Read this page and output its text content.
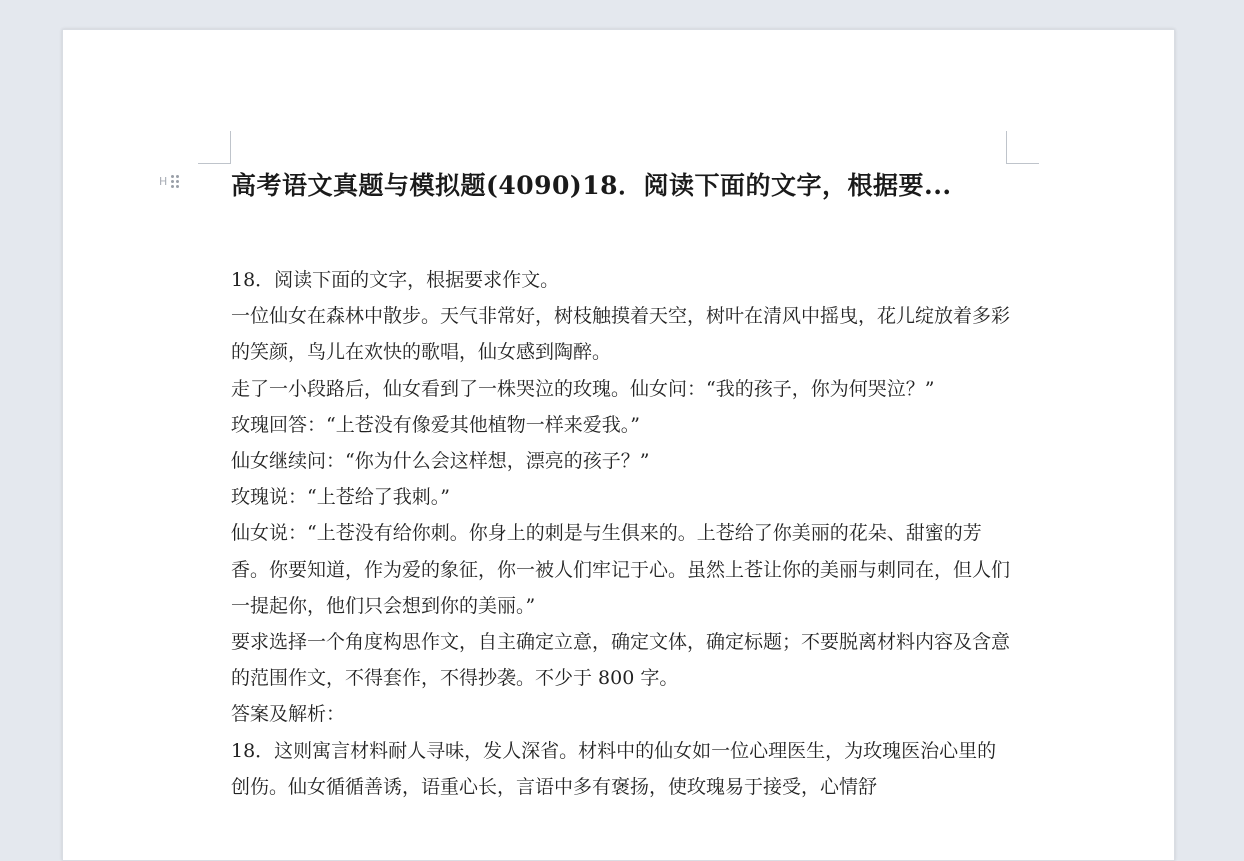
H	高考语文真题与模拟题(4090)18．阅读下面的文字，根据要...

18．阅读下面的文字，根据要求作文。

一位仙女在森林中散步。天气非常好，树枝触摸着天空，树叶在清风中摇曳，花儿绽放着多彩的笑颜，鸟儿在欢快的歌唱，仙女感到陶醉。

走了一小段路后，仙女看到了一株哭泣的玫瑰。仙女问：“我的孩子，你为何哭泣？”

玫瑰回答：“上苍没有像爱其他植物一样来爱我。”

仙女继续问：“你为什么会这样想，漂亮的孩子？”

玫瑰说：“上苍给了我刺。”

仙女说：“上苍没有给你刺。你身上的刺是与生俱来的。上苍给了你美丽的花朵、甜蜜的芳香。你要知道，作为爱的象征，你一被人们牢记于心。虽然上苍让你的美丽与刺同在，但人们一提起你，他们只会想到你的美丽。”

要求选择一个角度构思作文，自主确定立意，确定文体，确定标题；不要脱离材料内容及含意的范围作文，不得套作，不得抄袭。不少于 800 字。

答案及解析：

18．这则寓言材料耐人寻味，发人深省。材料中的仙女如一位心理医生，为玫瑰医治心里的创伤。仙女循循善诱，语重心长，言语中多有褒扬，使玫瑰易于接受，心情舒
